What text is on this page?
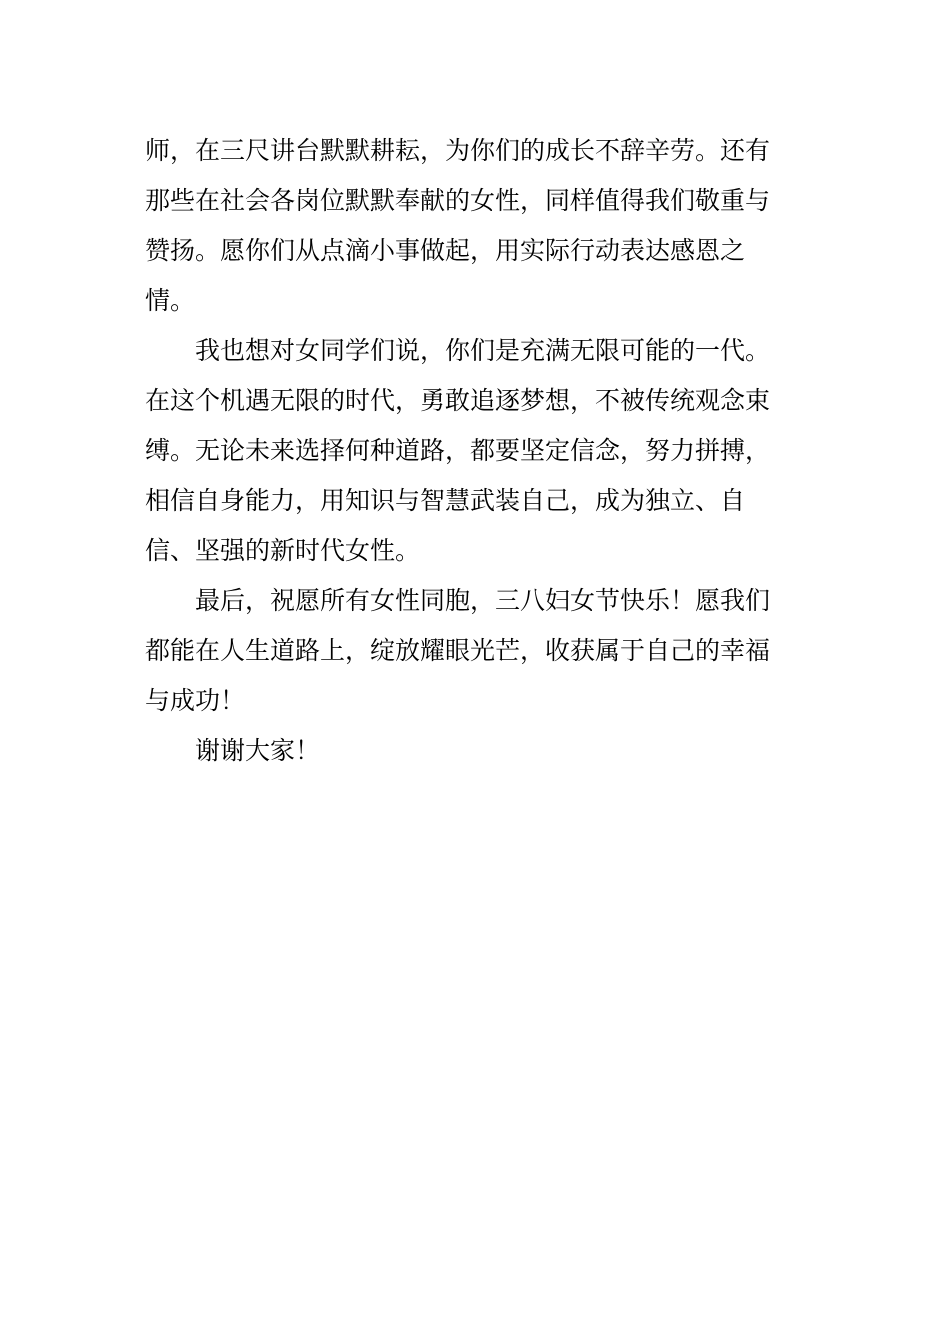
师，在三尺讲台默默耕耘，为你们的成长不辞辛劳。还有

那些在社会各岗位默默奉献的女性，同样值得我们敬重与

赞扬。愿你们从点滴小事做起，用实际行动表达感恩之

情。

我也想对女同学们说，你们是充满无限可能的一代。

在这个机遇无限的时代，勇敢追逐梦想，不被传统观念束

缚。无论未来选择何种道路，都要坚定信念，努力拼搏，

相信自身能力，用知识与智慧武装自己，成为独立、自

信、坚强的新时代女性。

最后，祝愿所有女性同胞，三八妇女节快乐！愿我们

都能在人生道路上，绽放耀眼光芒，收获属于自己的幸福

与成功！

谢谢大家！
